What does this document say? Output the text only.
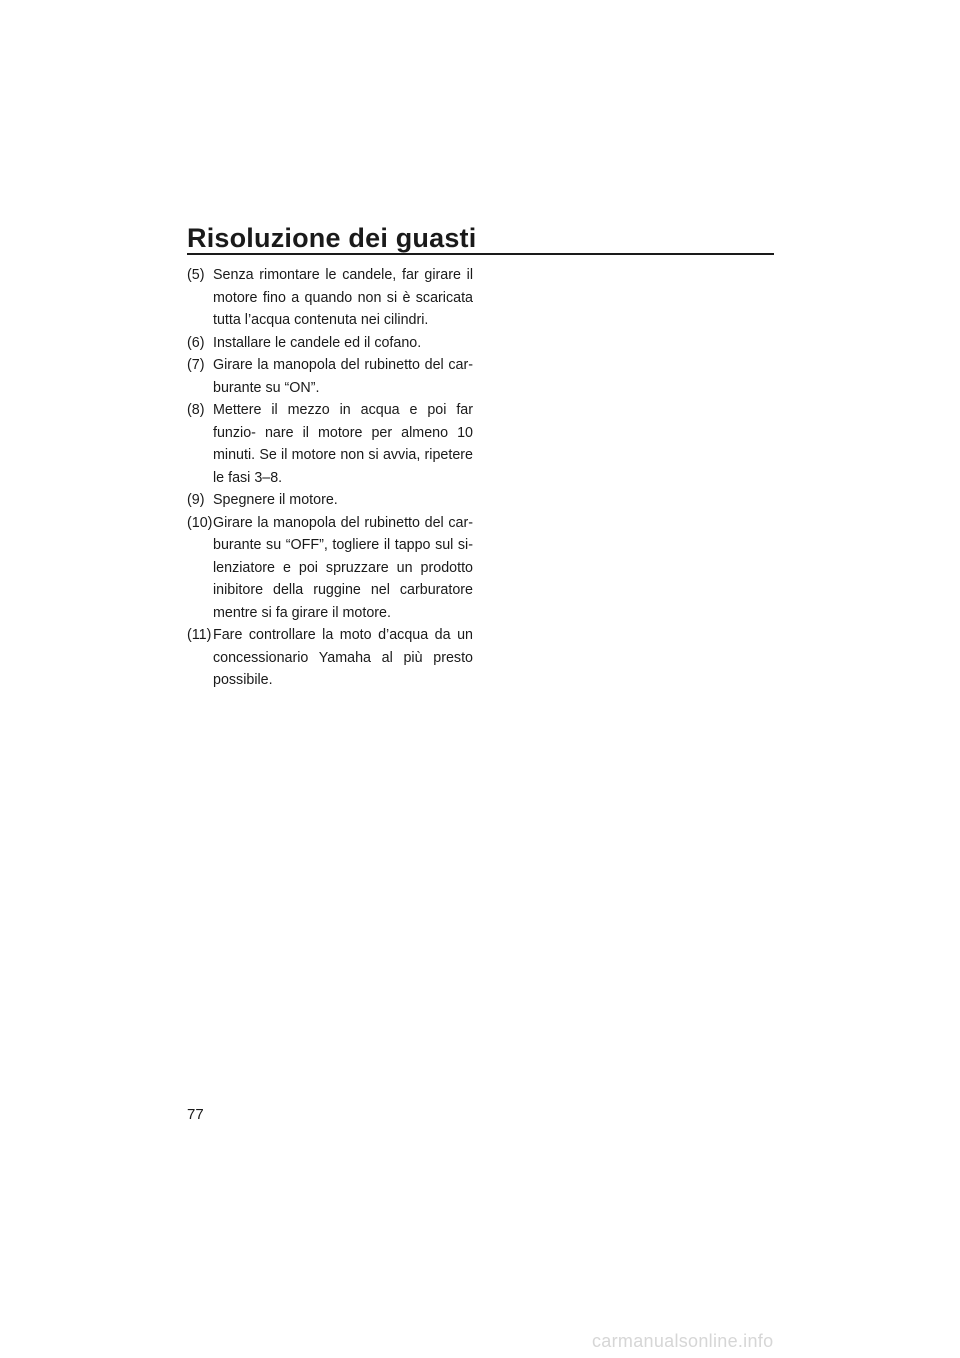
Risoluzione dei guasti
(5) Senza rimontare le candele, far girare il motore fino a quando non si è scaricata tutta l’acqua contenuta nei cilindri.
(6) Installare le candele ed il cofano.
(7) Girare la manopola del rubinetto del car- burante su “ON”.
(8) Mettere il mezzo in acqua e poi far funzio- nare il motore per almeno 10 minuti. Se il motore non si avvia, ripetere le fasi 3–8.
(9) Spegnere il motore.
(10) Girare la manopola del rubinetto del car- burante su “OFF”, togliere il tappo sul si- lenziatore e poi spruzzare un prodotto inibitore della ruggine nel carburatore mentre si fa girare il motore.
(11) Fare controllare la moto d’acqua da un concessionario Yamaha al più presto possibile.
77
carmanualsonline.info
